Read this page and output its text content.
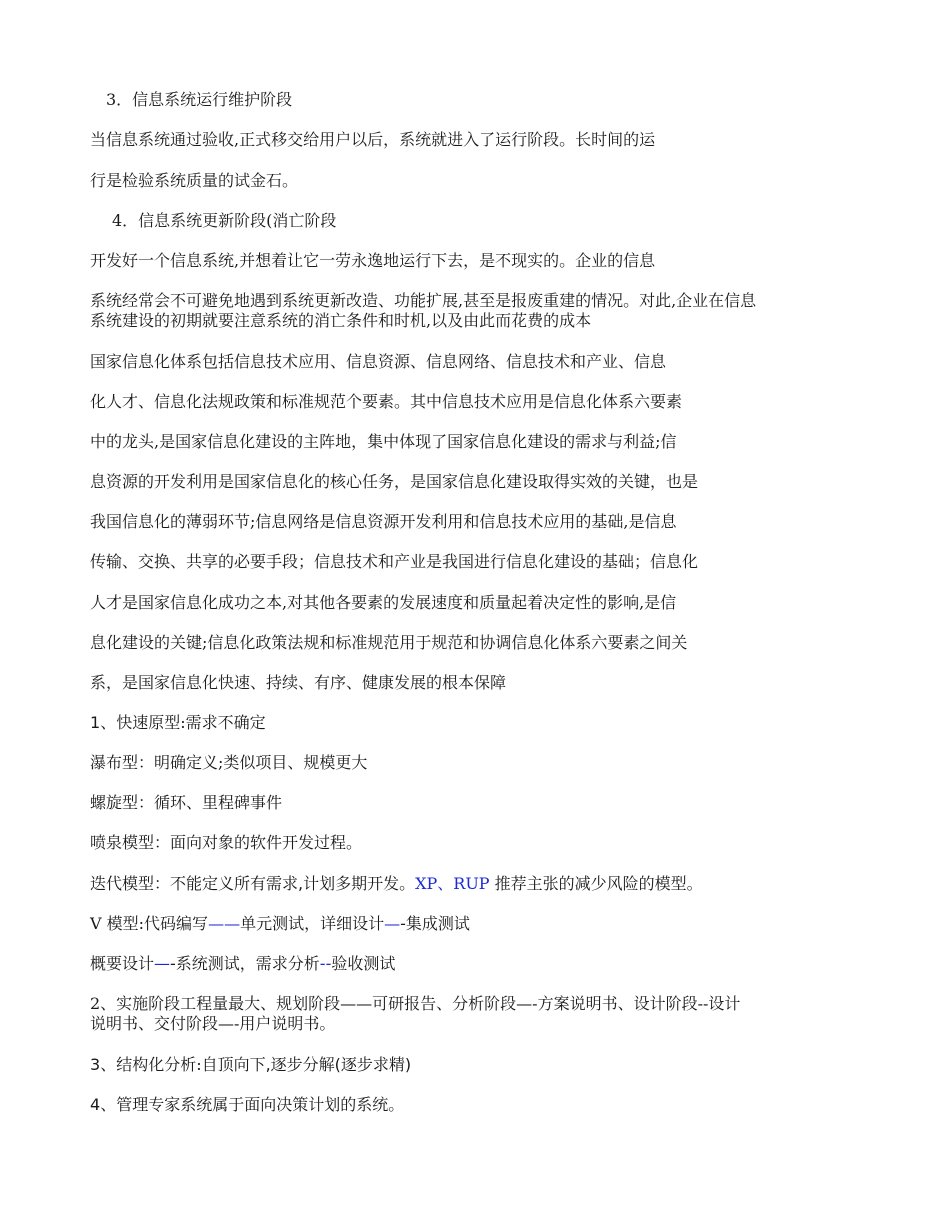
3．信息系统运行维护阶段
当信息系统通过验收,正式移交给用户以后，系统就进入了运行阶段。长时间的运
行是检验系统质量的试金石。
4．信息系统更新阶段(消亡阶段
开发好一个信息系统,并想着让它一劳永逸地运行下去，是不现实的。企业的信息
系统经常会不可避免地遇到系统更新改造、功能扩展,甚至是报废重建的情况。对此,企业在信息
系统建设的初期就要注意系统的消亡条件和时机,以及由此而花费的成本
国家信息化体系包括信息技术应用、信息资源、信息网络、信息技术和产业、信息
化人才、信息化法规政策和标准规范个要素。其中信息技术应用是信息化体系六要素
中的龙头,是国家信息化建设的主阵地，集中体现了国家信息化建设的需求与利益;信
息资源的开发利用是国家信息化的核心任务，是国家信息化建设取得实效的关键，也是
我国信息化的薄弱环节;信息网络是信息资源开发利用和信息技术应用的基础,是信息
传输、交换、共享的必要手段；信息技术和产业是我国进行信息化建设的基础；信息化
人才是国家信息化成功之本,对其他各要素的发展速度和质量起着决定性的影响,是信
息化建设的关键;信息化政策法规和标准规范用于规范和协调信息化体系六要素之间关
系，是国家信息化快速、持续、有序、健康发展的根本保障
1、快速原型:需求不确定
瀑布型：明确定义;类似项目、规模更大
螺旋型：循环、里程碑事件
喷泉模型：面向对象的软件开发过程。
迭代模型：不能定义所有需求,计划多期开发。XP、RUP 推荐主张的减少风险的模型。
V 模型:代码编写——单元测试，详细设计—-集成测试
概要设计—-系统测试，需求分析--验收测试
2、实施阶段工程量最大、规划阶段——可研报告、分析阶段—-方案说明书、设计阶段--设计
说明书、交付阶段—-用户说明书。
3、结构化分析:自顶向下,逐步分解(逐步求精)
4、管理专家系统属于面向决策计划的系统。
